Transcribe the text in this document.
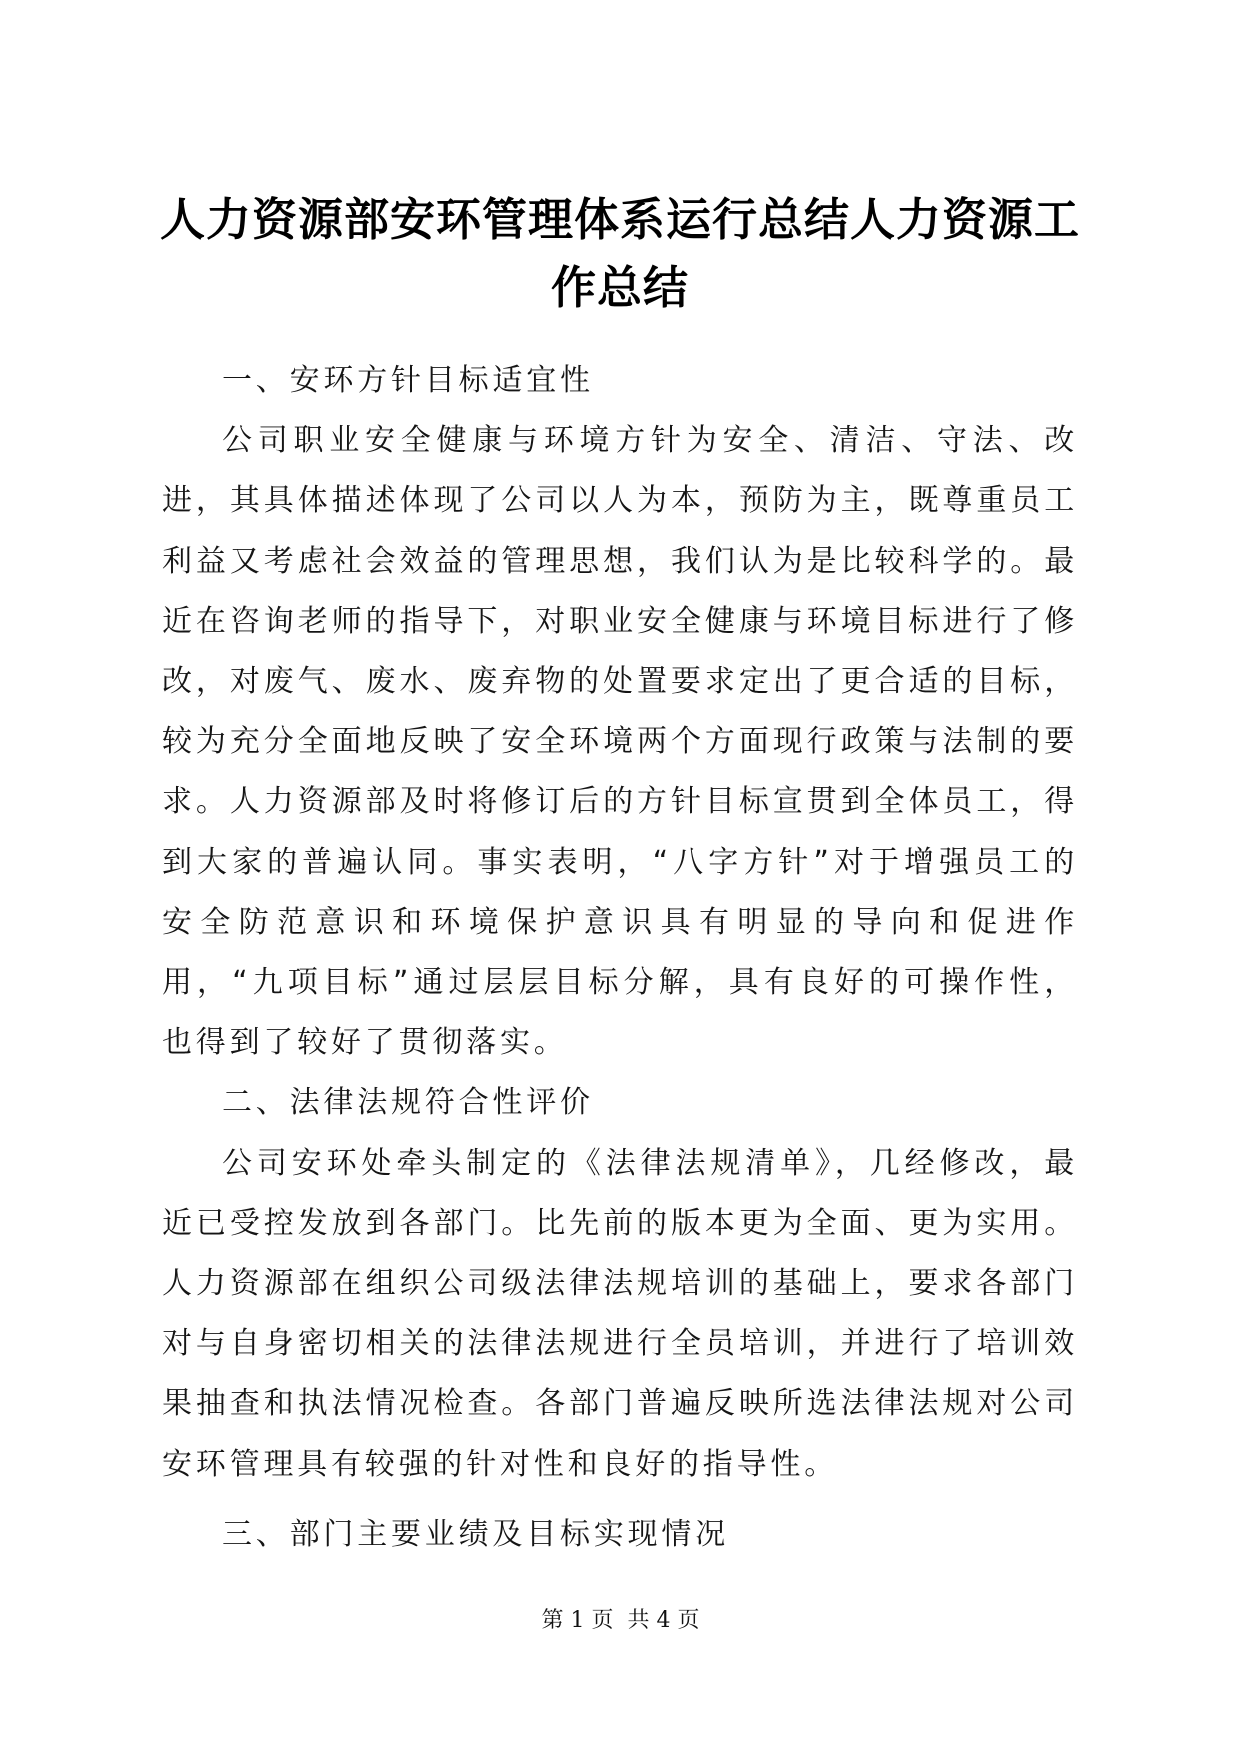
人力资源部安环管理体系运行总结人力资源工作总结

一、安环方针目标适宜性

公司职业安全健康与环境方针为安全、清洁、守法、改进，其具体描述体现了公司以人为本，预防为主，既尊重员工利益又考虑社会效益的管理思想，我们认为是比较科学的。最近在咨询老师的指导下，对职业安全健康与环境目标进行了修改，对废气、废水、废弃物的处置要求定出了更合适的目标，较为充分全面地反映了安全环境两个方面现行政策与法制的要求。人力资源部及时将修订后的方针目标宣贯到全体员工，得到大家的普遍认同。事实表明，“八字方针”对于增强员工的安全防范意识和环境保护意识具有明显的导向和促进作用，“九项目标”通过层层目标分解，具有良好的可操作性，也得到了较好了贯彻落实。

二、法律法规符合性评价

公司安环处牵头制定的《法律法规清单》，几经修改，最近已受控发放到各部门。比先前的版本更为全面、更为实用。人力资源部在组织公司级法律法规培训的基础上，要求各部门对与自身密切相关的法律法规进行全员培训，并进行了培训效果抽查和执法情况检查。各部门普遍反映所选法律法规对公司安环管理具有较强的针对性和良好的指导性。

三、部门主要业绩及目标实现情况

第 1 页  共 4 页
